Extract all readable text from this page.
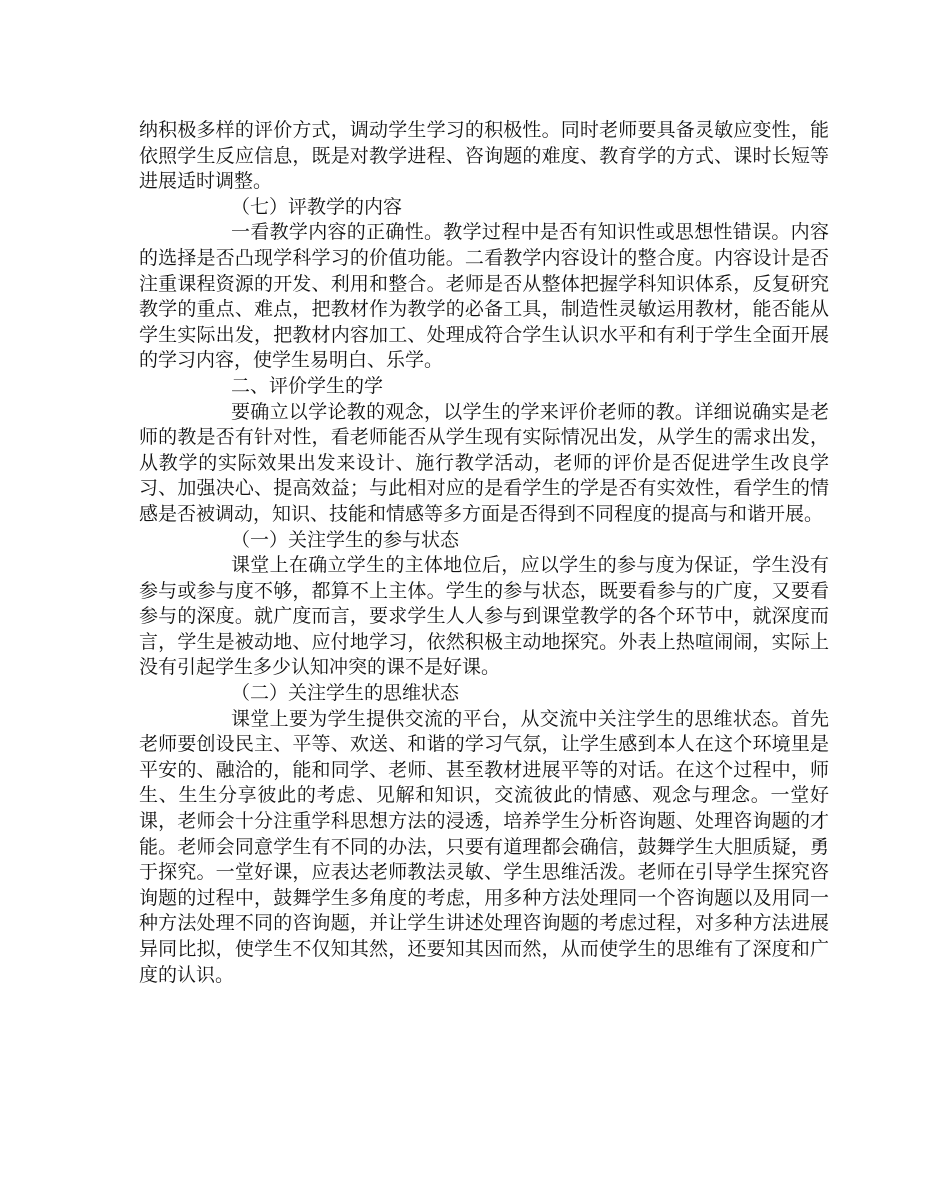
纳积极多样的评价方式，调动学生学习的积极性。同时老师要具备灵敏应变性，能依照学生反应信息，既是对教学进程、咨询题的难度、教育学的方式、课时长短等进展适时调整。

（七）评教学的内容

一看教学内容的正确性。教学过程中是否有知识性或思想性错误。内容的选择是否凸现学科学习的价值功能。二看教学内容设计的整合度。内容设计是否注重课程资源的开发、利用和整合。老师是否从整体把握学科知识体系，反复研究教学的重点、难点，把教材作为教学的必备工具，制造性灵敏运用教材，能否能从学生实际出发，把教材内容加工、处理成符合学生认识水平和有利于学生全面开展的学习内容，使学生易明白、乐学。

二、评价学生的学

要确立以学论教的观念，以学生的学来评价老师的教。详细说确实是老师的教是否有针对性，看老师能否从学生现有实际情况出发，从学生的需求出发，从教学的实际效果出发来设计、施行教学活动，老师的评价是否促进学生改良学习、加强决心、提高效益；与此相对应的是看学生的学是否有实效性，看学生的情感是否被调动，知识、技能和情感等多方面是否得到不同程度的提高与和谐开展。

（一）关注学生的参与状态

课堂上在确立学生的主体地位后，应以学生的参与度为保证，学生没有参与或参与度不够，都算不上主体。学生的参与状态，既要看参与的广度，又要看参与的深度。就广度而言，要求学生人人参与到课堂教学的各个环节中，就深度而言，学生是被动地、应付地学习，依然积极主动地探究。外表上热喧闹闹，实际上没有引起学生多少认知冲突的课不是好课。

（二）关注学生的思维状态

课堂上要为学生提供交流的平台，从交流中关注学生的思维状态。首先老师要创设民主、平等、欢送、和谐的学习气氛，让学生感到本人在这个环境里是平安的、融洽的，能和同学、老师、甚至教材进展平等的对话。在这个过程中，师生、生生分享彼此的考虑、见解和知识，交流彼此的情感、观念与理念。一堂好课，老师会十分注重学科思想方法的浸透，培养学生分析咨询题、处理咨询题的才能。老师会同意学生有不同的办法，只要有道理都会确信，鼓舞学生大胆质疑，勇于探究。一堂好课，应表达老师教法灵敏、学生思维活泼。老师在引导学生探究咨询题的过程中，鼓舞学生多角度的考虑，用多种方法处理同一个咨询题以及用同一种方法处理不同的咨询题，并让学生讲述处理咨询题的考虑过程，对多种方法进展异同比拟，使学生不仅知其然，还要知其因而然，从而使学生的思维有了深度和广度的认识。
